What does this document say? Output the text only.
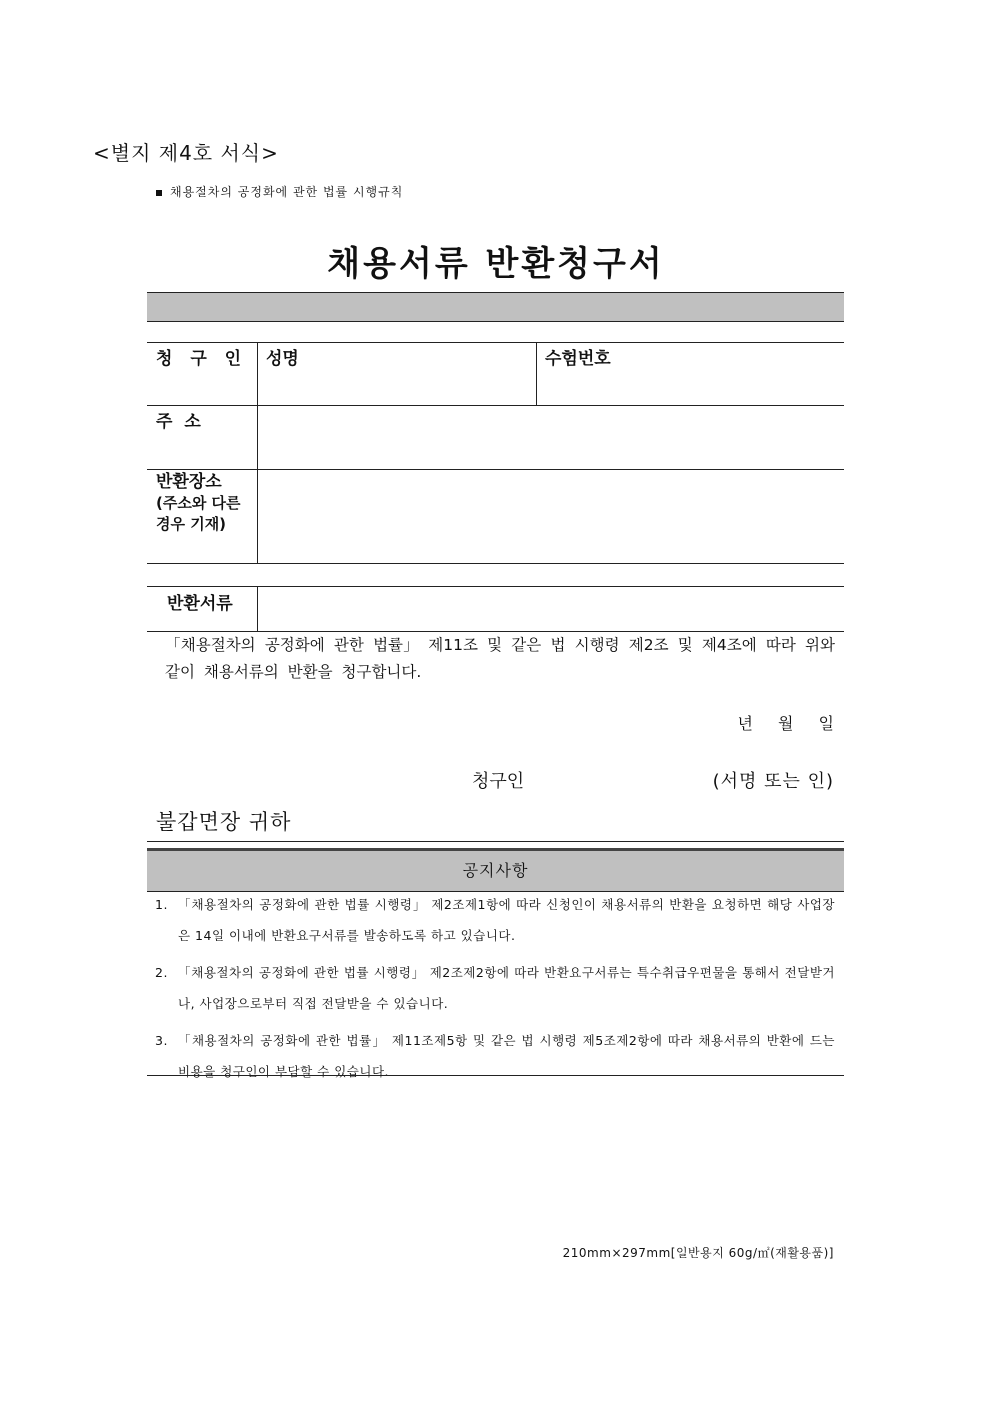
<별지 제4호 서식>
채용절차의 공정화에 관한 법률 시행규칙
채용서류 반환청구서
청 구 인 성명	수험번호
주 소
반환장소
(주소와 다른 경우 기재)
반환서류
「채용절차의 공정화에 관한 법률」 제11조 및 같은 법 시행령 제2조 및 제4조에 따라 위와 같이 채용서류의 반환을 청구합니다.
년 월 일
청구인	(서명 또는 인)
불갑면장 귀하
공지사항
1. 「채용절차의 공정화에 관한 법률 시행령」 제2조제1항에 따라 신청인이 채용서류의 반환을 요청하면 해당 사업장은 14일 이내에 반환요구서류를 발송하도록 하고 있습니다.
2. 「채용절차의 공정화에 관한 법률 시행령」 제2조제2항에 따라 반환요구서류는 특수취급우편물을 통해서 전달받거나, 사업장으로부터 직접 전달받을 수 있습니다.
3. 「채용절차의 공정화에 관한 법률」 제11조제5항 및 같은 법 시행령 제5조제2항에 따라 채용서류의 반환에 드는 비용을 청구인이 부담할 수 있습니다.
210mm×297mm[일반용지 60g/㎡(재활용품)]
